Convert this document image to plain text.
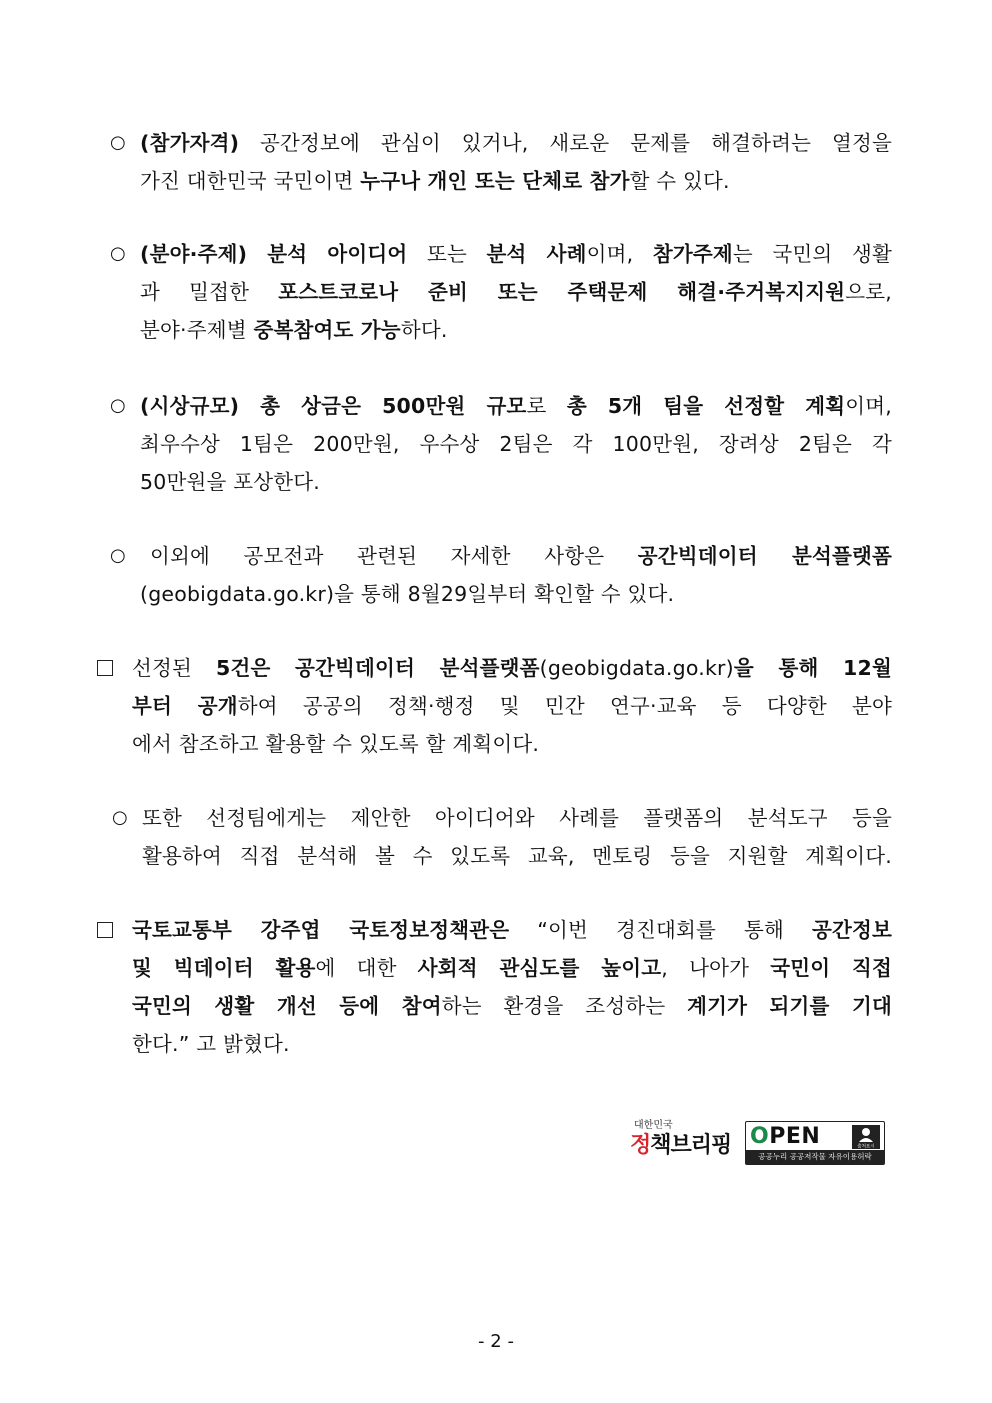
○ (참가자격) 공간정보에 관심이 있거나, 새로운 문제를 해결하려는 열정을
가진 대한민국 국민이면 누구나 개인 또는 단체로 참가할 수 있다.
○ (분야·주제) 분석 아이디어 또는 분석 사례이며, 참가주제는 국민의 생활
과 밀접한 포스트코로나 준비 또는 주택문제 해결·주거복지지원으로,
분야·주제별 중복참여도 가능하다.
○ (시상규모) 총 상금은 500만원 규모로 총 5개 팀을 선정할 계획이며,
최우수상 1팀은 200만원, 우수상 2팀은 각 100만원, 장려상 2팀은 각
50만원을 포상한다.
○ 이외에 공모전과 관련된 자세한 사항은 공간빅데이터 분석플랫폼
(geobigdata.go.kr)을 통해 8월29일부터 확인할 수 있다.
선정된 5건은 공간빅데이터 분석플랫폼(geobigdata.go.kr)을 통해 12월
부터 공개하여 공공의 정책·행정 및 민간 연구·교육 등 다양한 분야
에서 참조하고 활용할 수 있도록 할 계획이다.
○ 또한 선정팀에게는 제안한 아이디어와 사례를 플랫폼의 분석도구 등을
활용하여 직접 분석해 볼 수 있도록 교육, 멘토링 등을 지원할 계획이다.
국토교통부 강주엽 국토정보정책관은 “이번 경진대회를 통해 공간정보
및 빅데이터 활용에 대한 사회적 관심도를 높이고, 나아가 국민이 직접
국민의 생활 개선 등에 참여하는 환경을 조성하는 계기가 되기를 기대
한다.” 고 밝혔다.
대한민국
정책브리핑 OPEN	출처표시
공공누리 공공저작물 자유이용허락
- 2 -
